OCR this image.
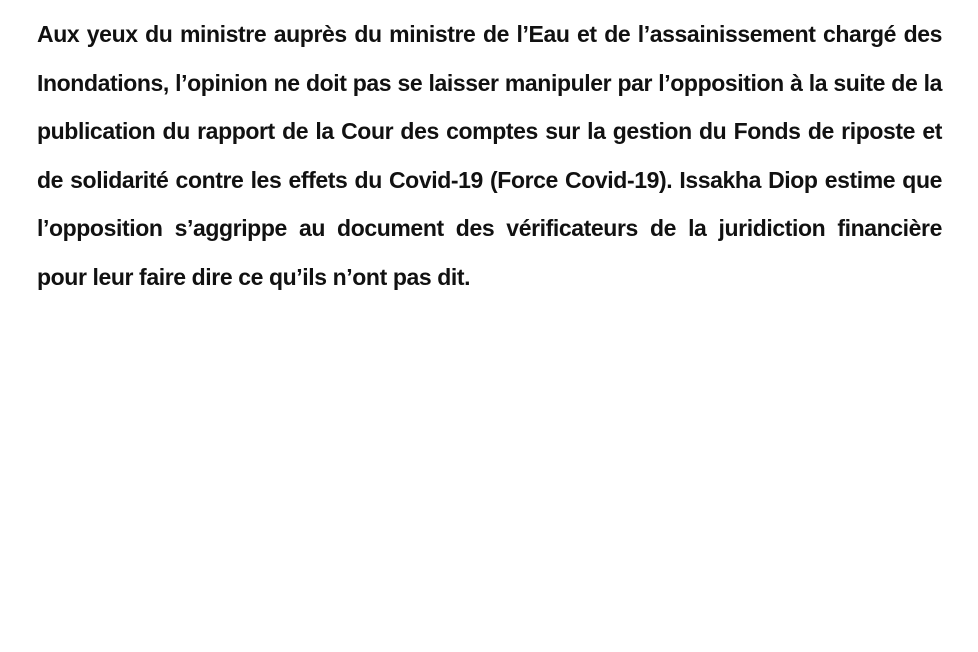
Aux yeux du ministre auprès du ministre de l’Eau et de l’assainissement chargé des Inondations, l’opinion ne doit pas se laisser manipuler par l’opposition à la suite de la publication du rapport de la Cour des comptes sur la gestion du Fonds de riposte et de solidarité contre les effets du Covid-19 (Force Covid-19). Issakha Diop estime que l’opposition s’aggrippe au document des vérificateurs de la juridiction financière pour leur faire dire ce qu’ils n’ont pas dit.
